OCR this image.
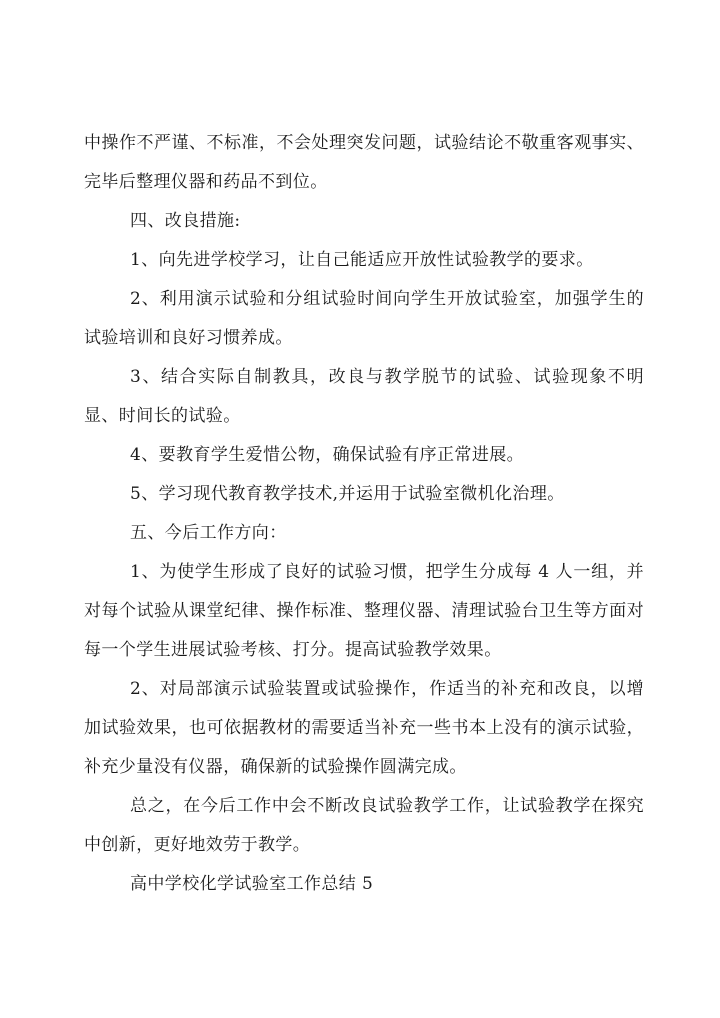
中操作不严谨、不标准，不会处理突发问题，试验结论不敬重客观事实、完毕后整理仪器和药品不到位。

四、改良措施:

1、向先进学校学习，让自己能适应开放性试验教学的要求。

2、利用演示试验和分组试验时间向学生开放试验室，加强学生的试验培训和良好习惯养成。

3、结合实际自制教具，改良与教学脱节的试验、试验现象不明显、时间长的试验。

4、要教育学生爱惜公物，确保试验有序正常进展。

5、学习现代教育教学技术,并运用于试验室微机化治理。

五、今后工作方向：

1、为使学生形成了良好的试验习惯，把学生分成每 4 人一组，并对每个试验从课堂纪律、操作标准、整理仪器、清理试验台卫生等方面对每一个学生进展试验考核、打分。提高试验教学效果。

2、对局部演示试验装置或试验操作，作适当的补充和改良，以增加试验效果，也可依据教材的需要适当补充一些书本上没有的演示试验，补充少量没有仪器，确保新的试验操作圆满完成。

总之，在今后工作中会不断改良试验教学工作，让试验教学在探究中创新，更好地效劳于教学。

高中学校化学试验室工作总结 5
